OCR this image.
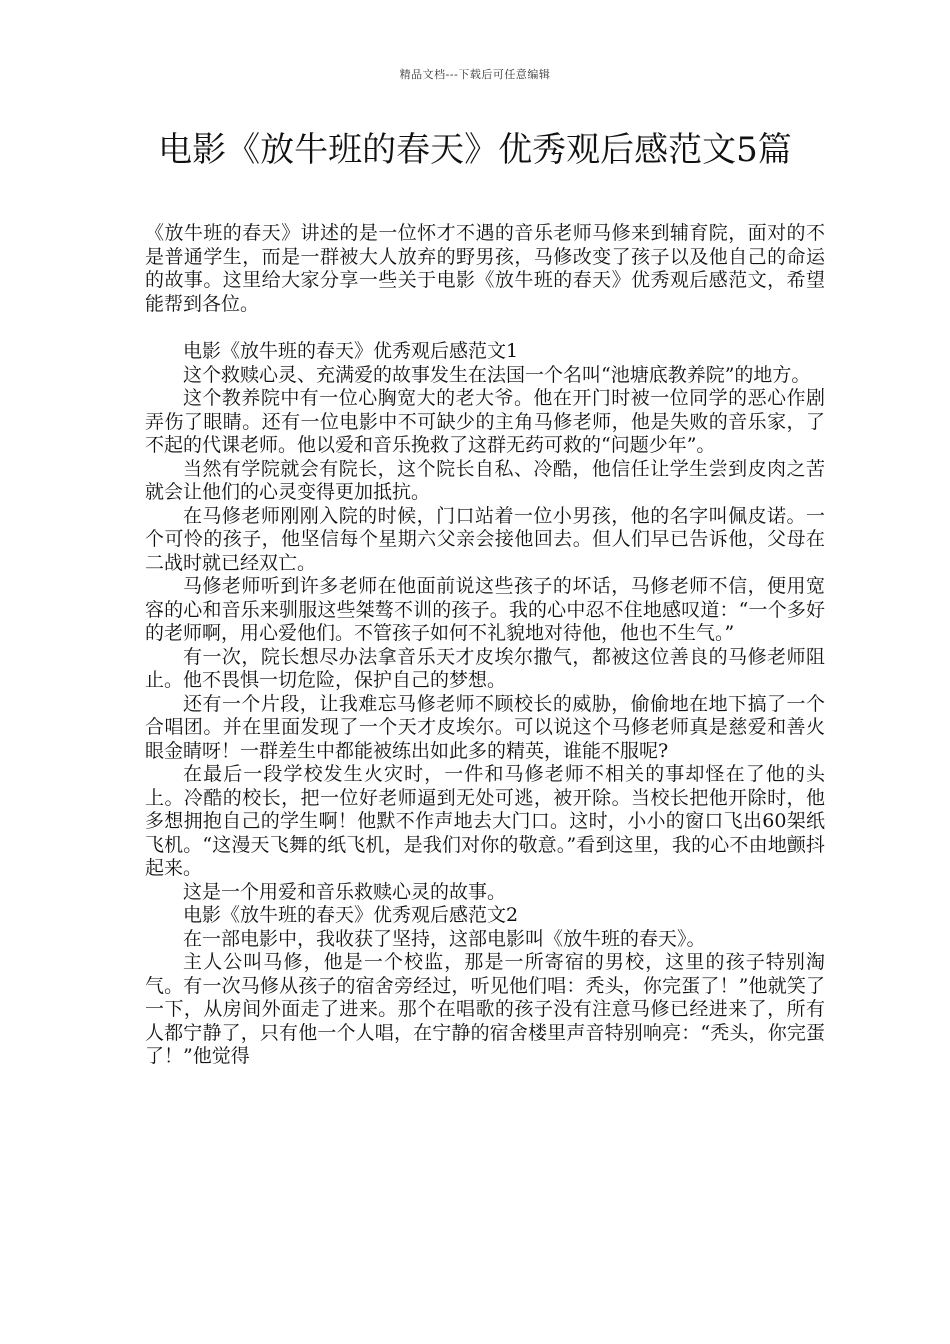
精品文档---下载后可任意编辑
电影《放牛班的春天》优秀观后感范文5篇

《放牛班的春天》讲述的是一位怀才不遇的音乐老师马修来到辅育院，面对的不是普通学生，而是一群被大人放弃的野男孩，马修改变了孩子以及他自己的命运的故事。这里给大家分享一些关于电影《放牛班的春天》优秀观后感范文，希望能帮到各位。

电影《放牛班的春天》优秀观后感范文1

这个救赎心灵、充满爱的故事发生在法国一个名叫“池塘底教养院”的地方。

这个教养院中有一位心胸宽大的老大爷。他在开门时被一位同学的恶心作剧弄伤了眼睛。还有一位电影中不可缺少的主角马修老师，他是失败的音乐家，了不起的代课老师。他以爱和音乐挽救了这群无药可救的“问题少年”。

当然有学院就会有院长，这个院长自私、冷酷，他信任让学生尝到皮肉之苦就会让他们的心灵变得更加抵抗。

在马修老师刚刚入院的时候，门口站着一位小男孩，他的名字叫佩皮诺。一个可怜的孩子，他坚信每个星期六父亲会接他回去。但人们早已告诉他，父母在二战时就已经双亡。

马修老师听到许多老师在他面前说这些孩子的坏话，马修老师不信，便用宽容的心和音乐来驯服这些桀骜不训的孩子。我的心中忍不住地感叹道：“一个多好的老师啊，用心爱他们。不管孩子如何不礼貌地对待他，他也不生气。”

有一次，院长想尽办法拿音乐天才皮埃尔撒气，都被这位善良的马修老师阻止。他不畏惧一切危险，保护自己的梦想。

还有一个片段，让我难忘马修老师不顾校长的威胁，偷偷地在地下搞了一个合唱团。并在里面发现了一个天才皮埃尔。可以说这个马修老师真是慈爱和善火眼金睛呀！一群差生中都能被练出如此多的精英，谁能不服呢?

在最后一段学校发生火灾时，一件和马修老师不相关的事却怪在了他的头上。冷酷的校长，把一位好老师逼到无处可逃，被开除。当校长把他开除时，他多想拥抱自己的学生啊！他默不作声地去大门口。这时，小小的窗口飞出60架纸飞机。“这漫天飞舞的纸飞机，是我们对你的敬意。”看到这里，我的心不由地颤抖起来。

这是一个用爱和音乐救赎心灵的故事。

电影《放牛班的春天》优秀观后感范文2

在一部电影中，我收获了坚持，这部电影叫《放牛班的春天》。

主人公叫马修，他是一个校监，那是一所寄宿的男校，这里的孩子特别淘气。有一次马修从孩子的宿舍旁经过，听见他们唱：秃头，你完蛋了！”他就笑了一下，从房间外面走了进来。那个在唱歌的孩子没有注意马修已经进来了，所有人都宁静了，只有他一个人唱，在宁静的宿舍楼里声音特别响亮：“秃头，你完蛋了！”他觉得
